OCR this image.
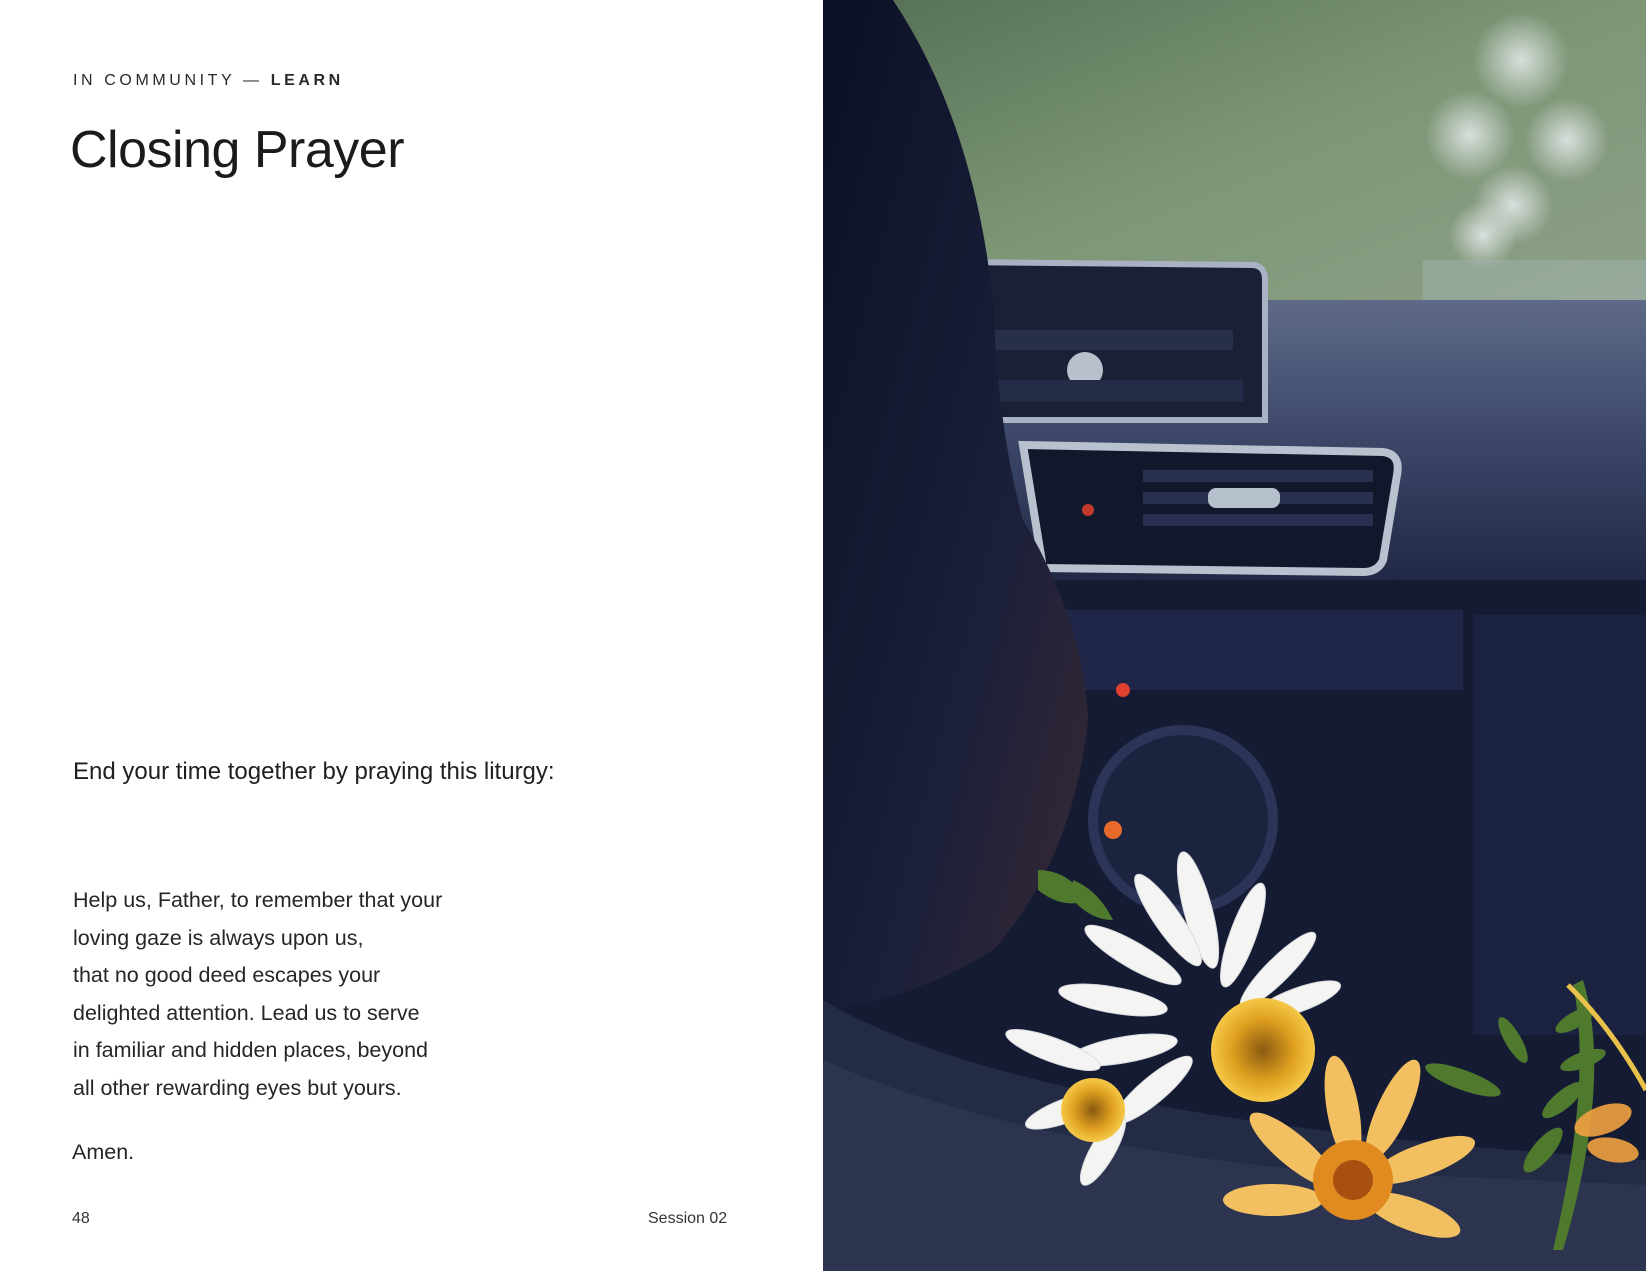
IN COMMUNITY — LEARN
Closing Prayer
End your time together by praying this liturgy:
Help us, Father, to remember that your
loving gaze is always upon us,
that no good deed escapes your
delighted attention. Lead us to serve
in familiar and hidden places, beyond
all other rewarding eyes but yours.
Amen.
48	Session 02
